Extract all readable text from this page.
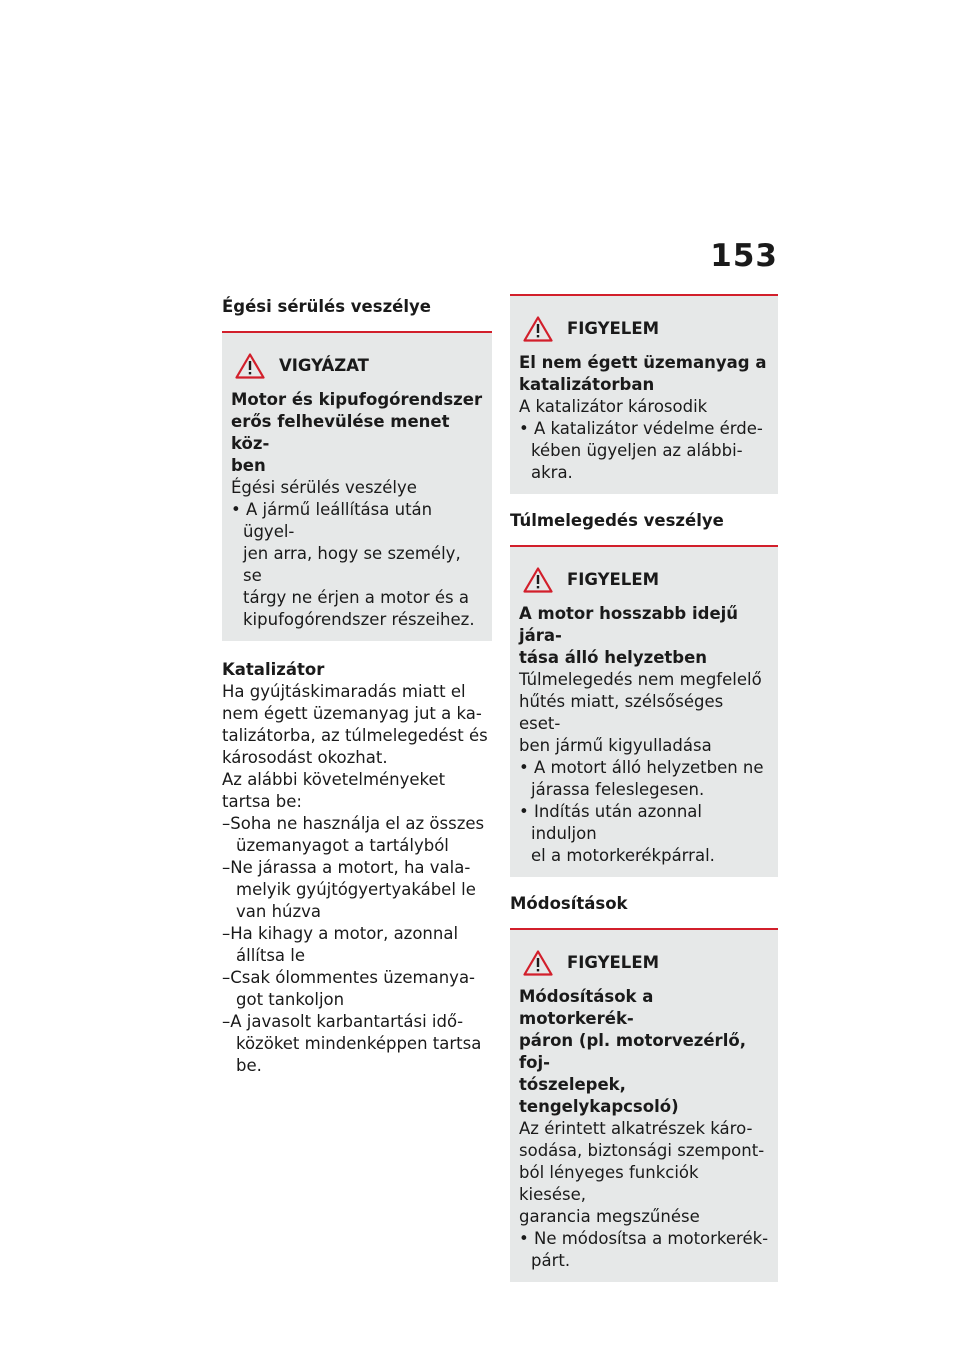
153
Égési sérülés veszélye
VIGYÁZAT

Motor és kipufogórendszer
erős felhevülése menet köz-
ben

Égési sérülés veszélye

• A jármű leállítása után ügyel-
jen arra, hogy se személy, se
tárgy ne érjen a motor és a
kipufogórendszer részeihez.
Katalizátor

Ha gyújtáskimaradás miatt el
nem égett üzemanyag jut a ka-
talizátorba, az túlmelegedést és
károsodást okozhat.

Az alábbi követelményeket
tartsa be:

– Soha ne használja el az összes
üzemanyagot a tartályból
– Ne járassa a motort, ha vala-
melyik gyújtógyertyakábel le
van húzva
– Ha kihagy a motor, azonnal
állítsa le
– Csak ólommentes üzemanya-
got tankoljon
– A javasolt karbantartási idő-
közöket mindenképpen tartsa
be.
FIGYELEM

El nem égett üzemanyag a
katalizátorban

A katalizátor károsodik

• A katalizátor védelme érde-
kében ügyeljen az alábbi-
akra.
Túlmelegedés veszélye
FIGYELEM

A motor hosszabb idejű jára-
tása álló helyzetben

Túlmelegedés nem megfelelő
hűtés miatt, szélsőséges eset-
ben jármű kigyulladása

• A motort álló helyzetben ne
járassa feleslegesen.
• Indítás után azonnal induljon
el a motorkerékpárral.
Módosítások
FIGYELEM

Módosítások a motorkerék-
páron (pl. motorvezérlő, foj-
tószelepek, tengelykapcsoló)

Az érintett alkatrészek káro-
sodása, biztonsági szempont-
ból lényeges funkciók kiesése,
garancia megszűnése

• Ne módosítsa a motorkerék-
párt.
